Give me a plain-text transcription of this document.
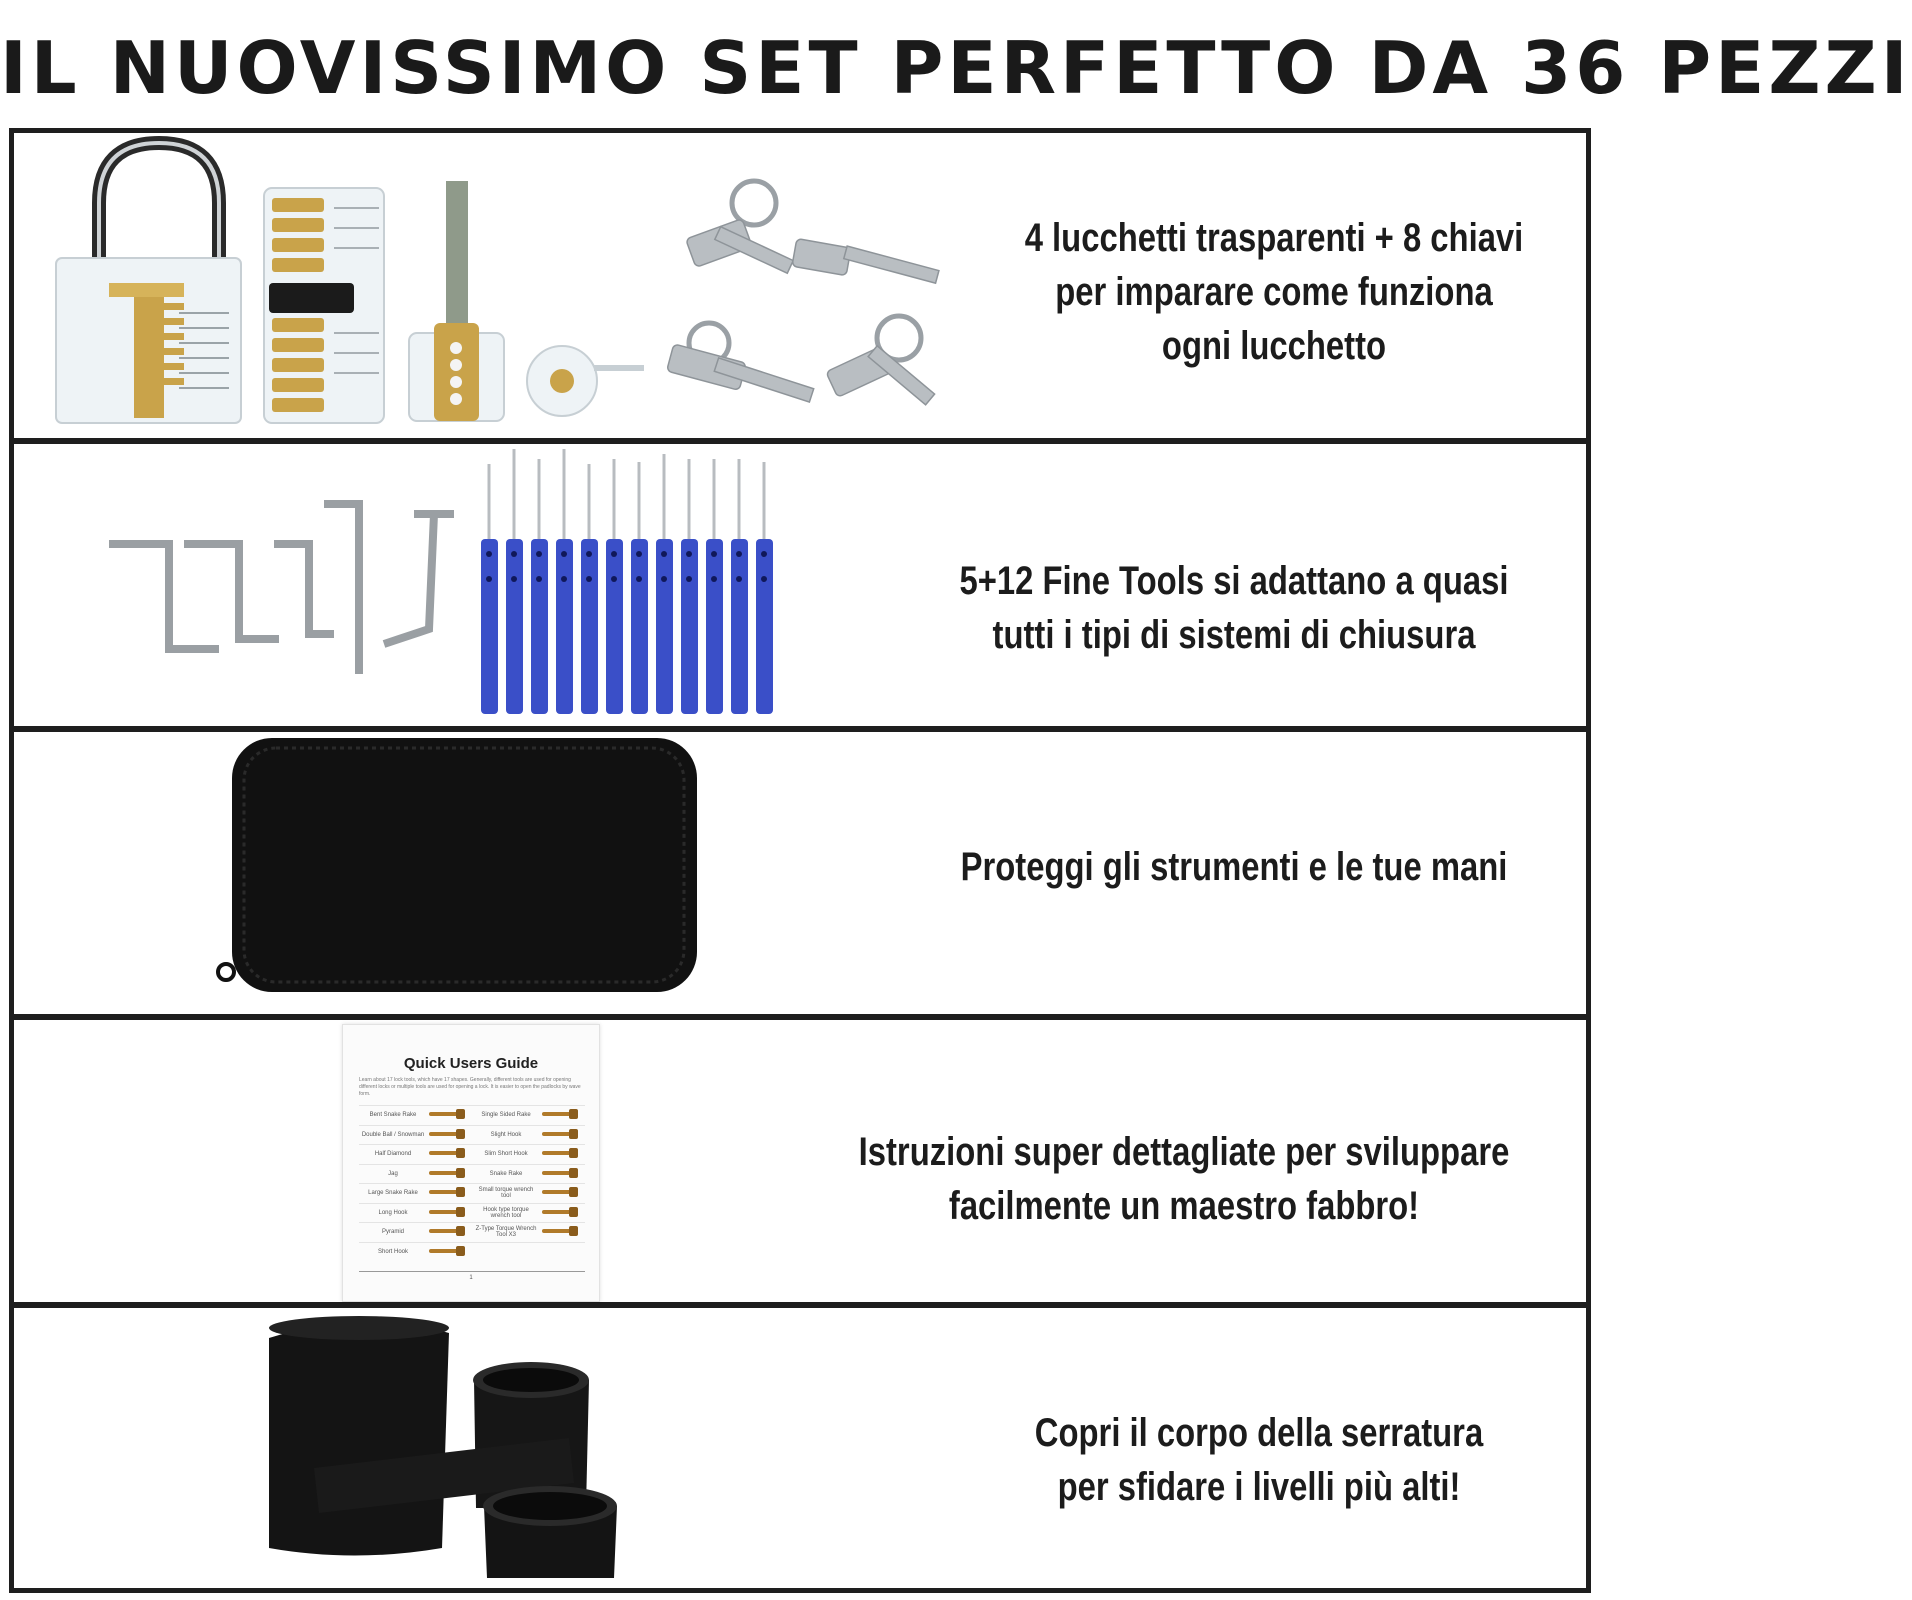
IL NUOVISSIMO SET PERFETTO DA 36 PEZZI
4 lucchetti trasparenti + 8 chiavi
per imparare come funziona
ogni lucchetto
5+12 Fine Tools si adattano a quasi
tutti i tipi di sistemi di chiusura
Proteggi gli strumenti e le tue mani
Quick Users Guide
Learn about 17 lock tools, which have 17 shapes. Generally, different tools are used for opening different locks or multiple tools are used for opening a lock. It is easier to open the padlocks by wave form.
Bent Snake Rake		Single Sided Rake	
Double Ball / Snowman		Slight Hook	
Half Diamond		Slim Short Hook	
Jag		Snake Rake	
Large Snake Rake		Small torque wrench tool	
Long Hook		Hook type torque wrench tool	
Pyramid		Z-Type Torque Wrench Tool X3	
Short Hook			
1
Istruzioni super dettagliate per sviluppare
facilmente un maestro fabbro!
Copri il corpo della serratura
per sfidare i livelli più alti!
